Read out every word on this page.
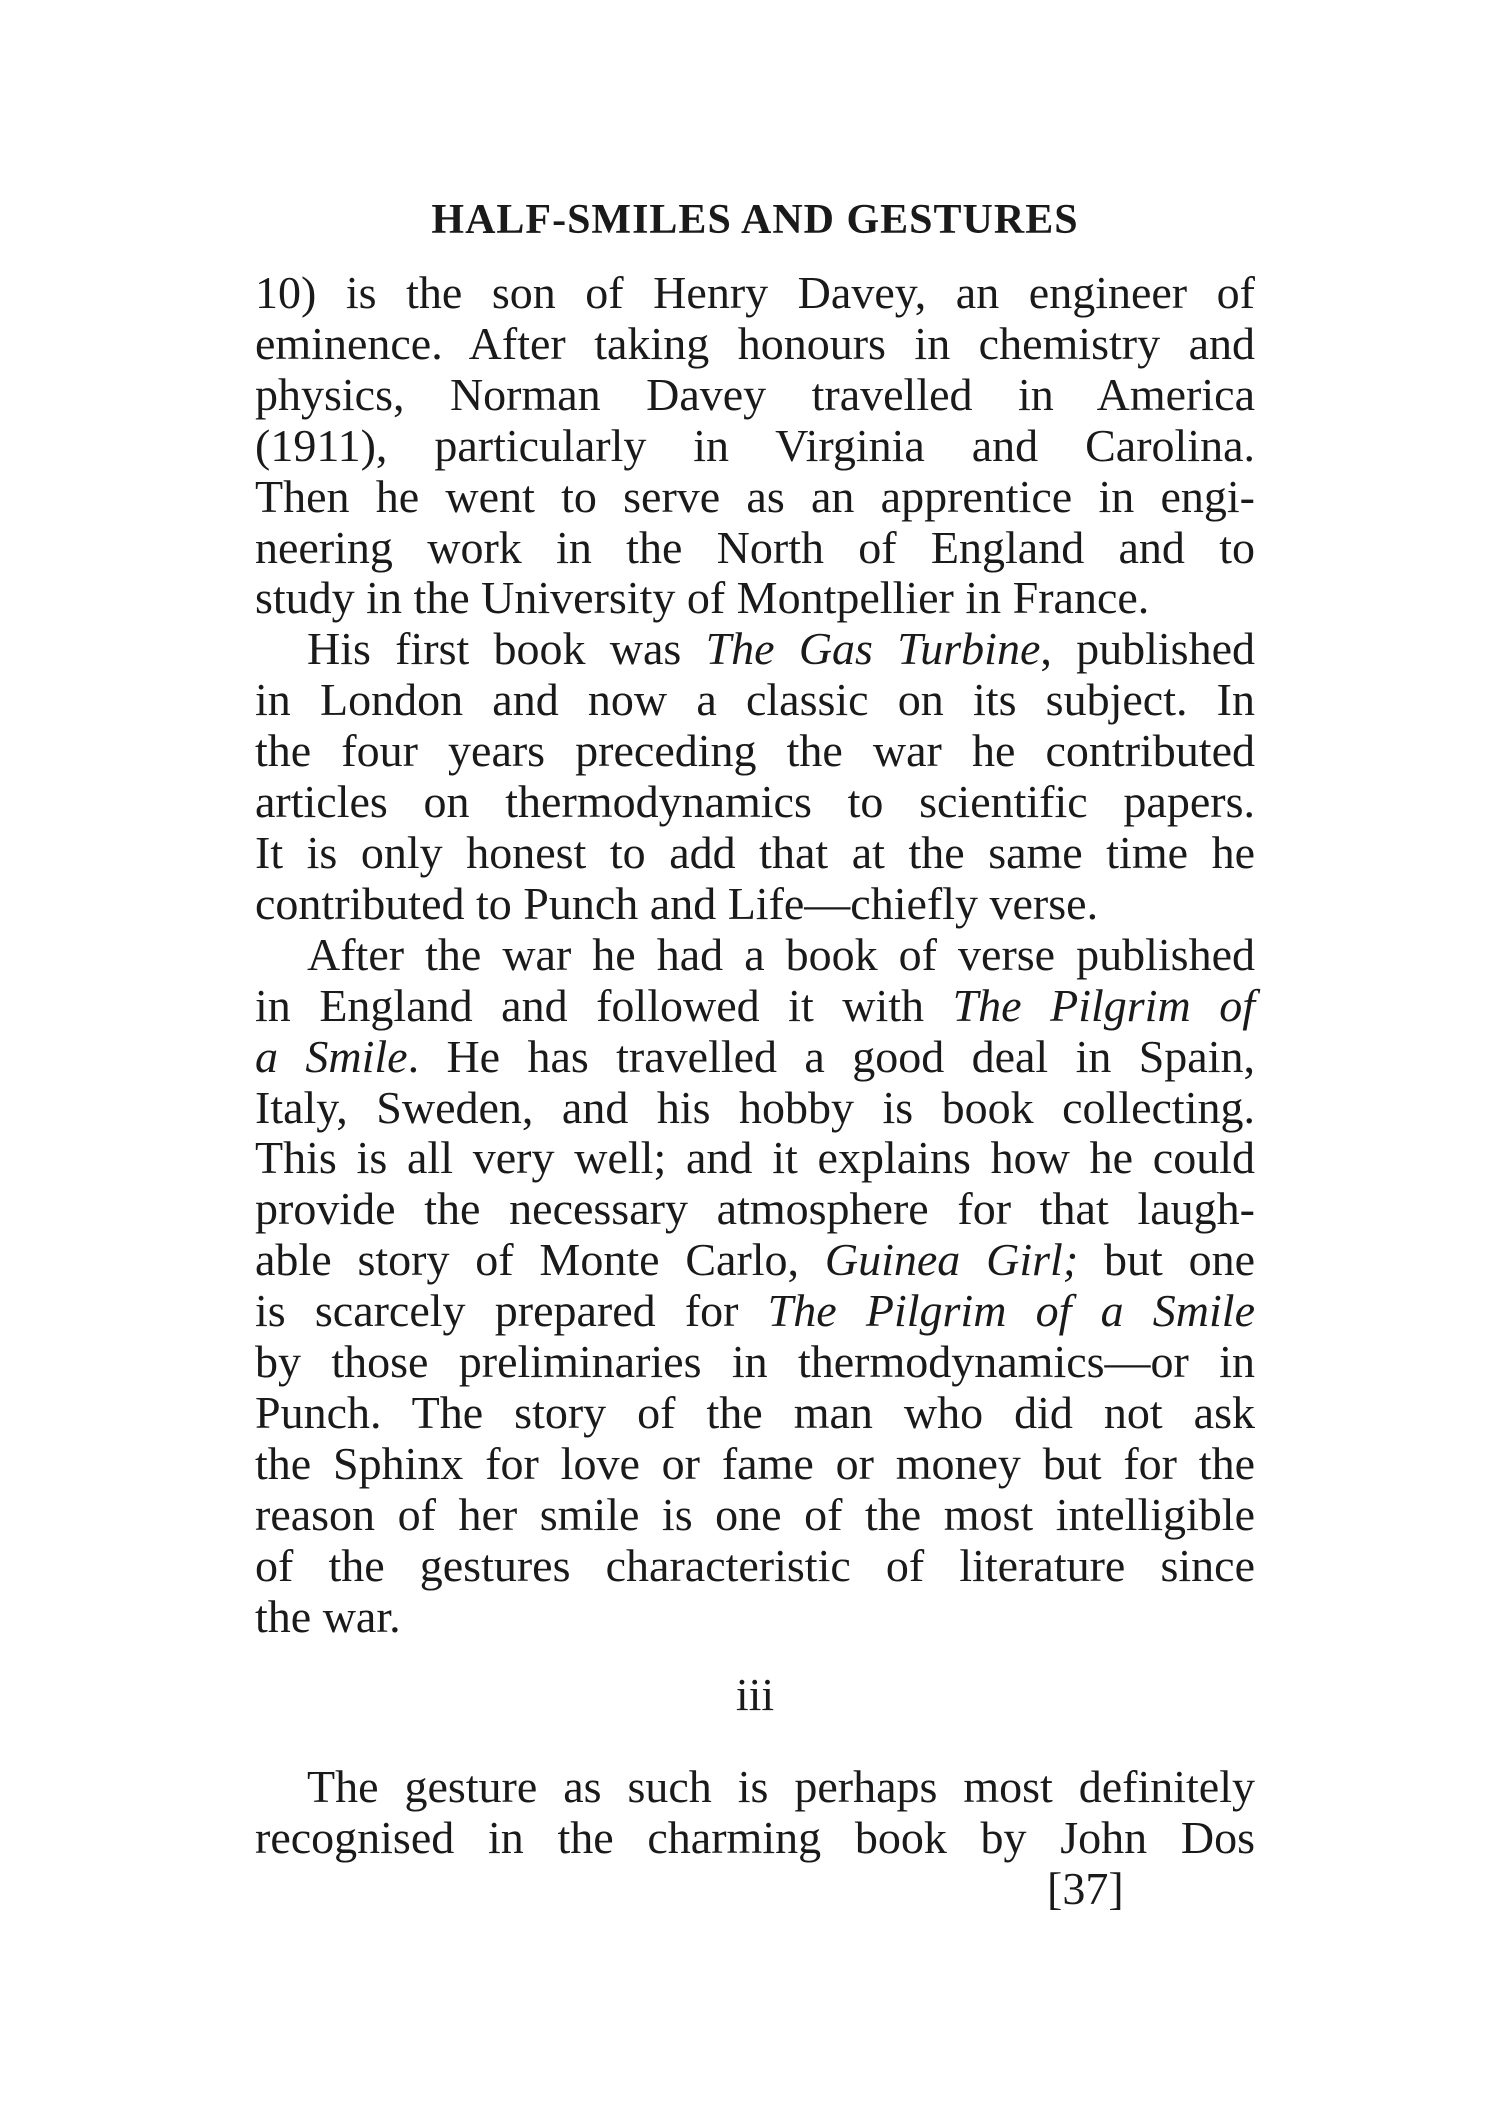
HALF-SMILES AND GESTURES
10) is the son of Henry Davey, an engineer of
eminence. After taking honours in chemistry and
physics, Norman Davey travelled in America
(1911), particularly in Virginia and Carolina.
Then he went to serve as an apprentice in engi-
neering work in the North of England and to
study in the University of Montpellier in France.
His first book was The Gas Turbine, published
in London and now a classic on its subject. In
the four years preceding the war he contributed
articles on thermodynamics to scientific papers.
It is only honest to add that at the same time he
contributed to Punch and Life—chiefly verse.
After the war he had a book of verse published
in England and followed it with The Pilgrim of
a Smile. He has travelled a good deal in Spain,
Italy, Sweden, and his hobby is book collecting.
This is all very well; and it explains how he could
provide the necessary atmosphere for that laugh-
able story of Monte Carlo, Guinea Girl; but one
is scarcely prepared for The Pilgrim of a Smile
by those preliminaries in thermodynamics—or in
Punch. The story of the man who did not ask
the Sphinx for love or fame or money but for the
reason of her smile is one of the most intelligible
of the gestures characteristic of literature since
the war.
iii
The gesture as such is perhaps most definitely
recognised in the charming book by John Dos
[37]
